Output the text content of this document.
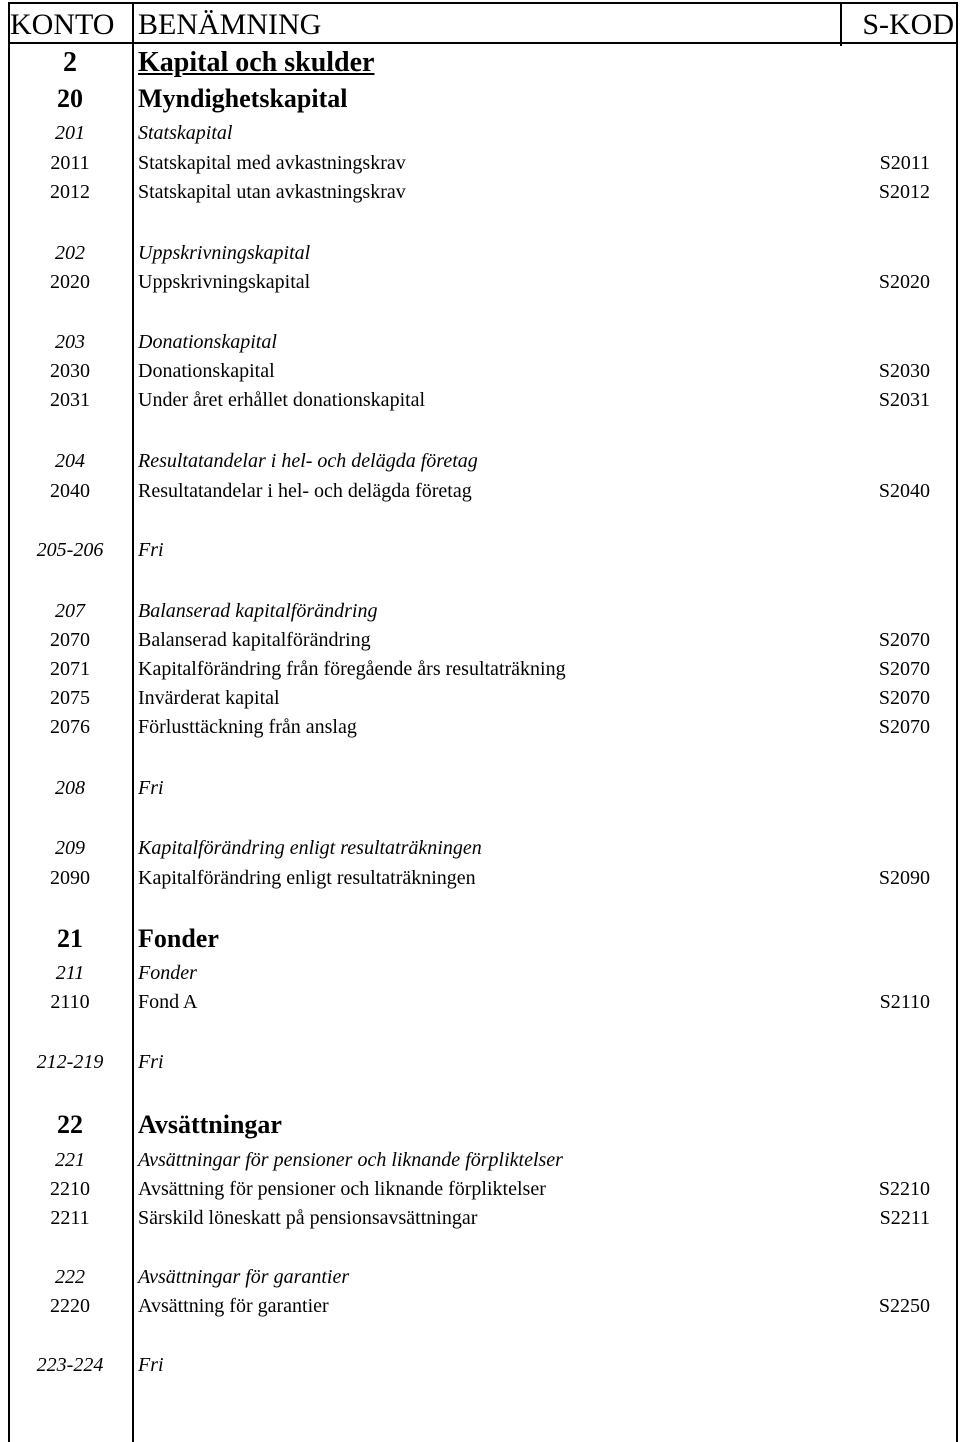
KONTO BENÄMNING	S-KOD
2	Kapital och skulder
20	Myndighetskapital
201	Statskapital
2011	Statskapital med avkastningskrav	S2011
2012	Statskapital utan avkastningskrav	S2012
202	Uppskrivningskapital
2020	Uppskrivningskapital	S2020
203	Donationskapital
2030	Donationskapital	S2030
2031	Under året erhållet donationskapital	S2031
204	Resultatandelar i hel- och delägda företag
2040	Resultatandelar i hel- och delägda företag	S2040
205-206	Fri
207	Balanserad kapitalförändring
2070	Balanserad kapitalförändring	S2070
2071	Kapitalförändring från föregående års resultaträkning	S2070
2075	Invärderat kapital	S2070
2076	Förlusttäckning från anslag	S2070
208	Fri
209	Kapitalförändring enligt resultaträkningen
2090	Kapitalförändring enligt resultaträkningen	S2090
21	Fonder
211	Fonder
2110	Fond A	S2110
212-219	Fri
22	Avsättningar
221	Avsättningar för pensioner och liknande förpliktelser
2210	Avsättning för pensioner och liknande förpliktelser	S2210
2211	Särskild löneskatt på pensionsavsättningar	S2211
222	Avsättningar för garantier
2220	Avsättning för garantier	S2250
223-224	Fri
